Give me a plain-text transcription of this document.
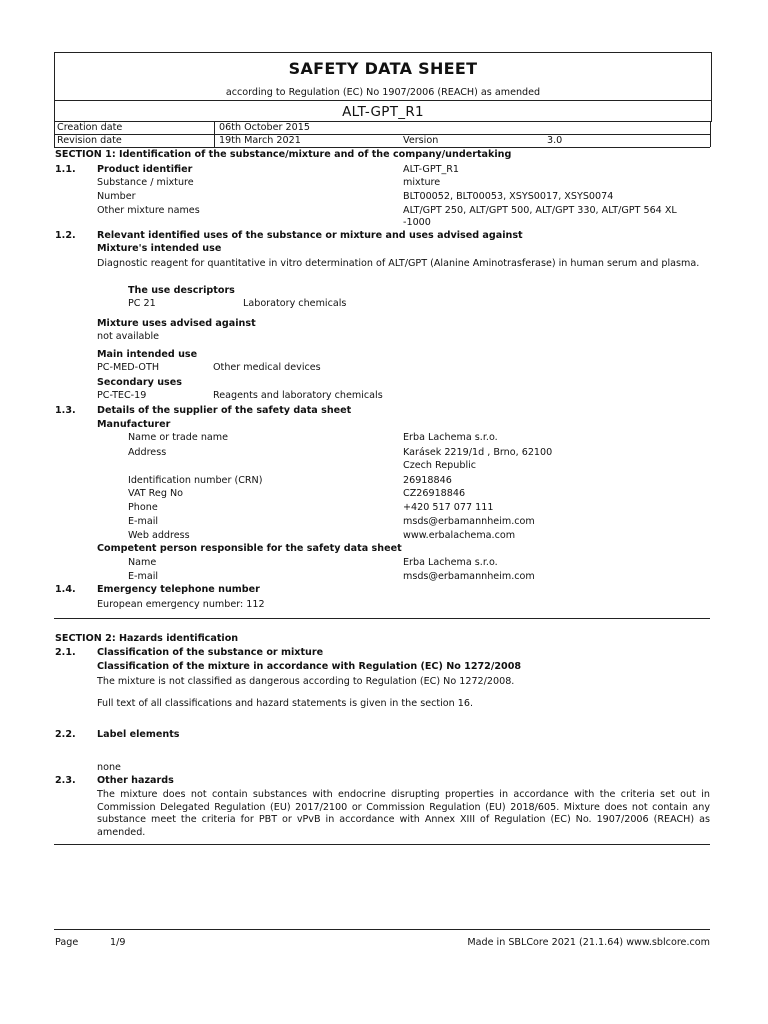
SAFETY DATA SHEET
according to Regulation (EC) No 1907/2006 (REACH) as amended
ALT-GPT_R1
Creation date	06th October 2015
Revision date	19th March 2021	Version	3.0
SECTION 1: Identification of the substance/mixture and of the company/undertaking
1.1. Product identifier	ALT-GPT_R1
Substance / mixture	mixture
Number	BLT00052, BLT00053, XSYS0017, XSYS0074
Other mixture names	ALT/GPT 250, ALT/GPT 500, ALT/GPT 330, ALT/GPT 564 XL
-1000
1.2. Relevant identified uses of the substance or mixture and uses advised against
Mixture's intended use
Diagnostic reagent for quantitative in vitro determination of ALT/GPT (Alanine Aminotrasferase) in human serum and plasma.
The use descriptors
PC 21	Laboratory chemicals
Mixture uses advised against
not available
Main intended use
PC-MED-OTH	Other medical devices
Secondary uses
PC-TEC-19	Reagents and laboratory chemicals
1.3. Details of the supplier of the safety data sheet
Manufacturer
Name or trade name	Erba Lachema s.r.o.
Address	Karásek 2219/1d , Brno, 62100
Czech Republic
Identification number (CRN)	26918846
VAT Reg No	CZ26918846
Phone	+420 517 077 111
E-mail	msds@erbamannheim.com
Web address	www.erbalachema.com
Competent person responsible for the safety data sheet
Name	Erba Lachema s.r.o.
E-mail	msds@erbamannheim.com
1.4. Emergency telephone number
European emergency number: 112
SECTION 2: Hazards identification
2.1. Classification of the substance or mixture
Classification of the mixture in accordance with Regulation (EC) No 1272/2008
The mixture is not classified as dangerous according to Regulation (EC) No 1272/2008.
Full text of all classifications and hazard statements is given in the section 16.
2.2. Label elements
none
2.3. Other hazards
The mixture does not contain substances with endocrine disrupting properties in accordance with the criteria set out in Commission Delegated Regulation (EU) 2017/2100 or Commission Regulation (EU) 2018/605. Mixture does not contain any substance meet the criteria for PBT or vPvB in accordance with Annex XIII of Regulation (EC) No. 1907/2006 (REACH) as amended.
Page	1/9	Made in SBLCore 2021 (21.1.64) www.sblcore.com
